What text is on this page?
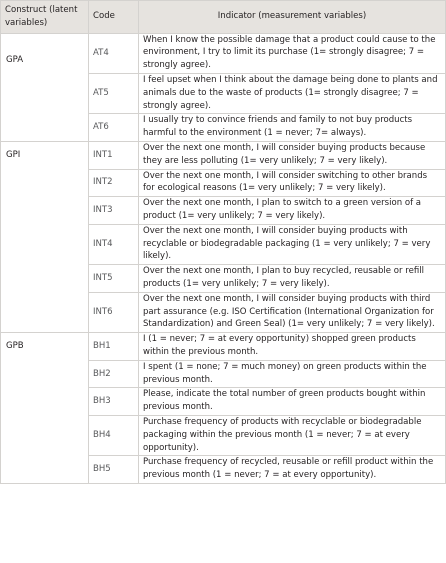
Construct (latent variables)	Code	Indicator (measurement variables)
GPA	AT4	When I know the possible damage that a product could cause to the environment, I try to limit its purchase (1= strongly disagree; 7 = strongly agree).
	AT5	I feel upset when I think about the damage being done to plants and animals due to the waste of products (1= strongly disagree; 7 = strongly agree).
	AT6	I usually try to convince friends and family to not buy products harmful to the environment (1 = never; 7= always).
GPI	INT1	Over the next one month, I will consider buying products because they are less polluting (1= very unlikely; 7 = very likely).
	INT2	Over the next one month, I will consider switching to other brands for ecological reasons (1= very unlikely; 7 = very likely).
	INT3	Over the next one month, I plan to switch to a green version of a product (1= very unlikely; 7 = very likely).
	INT4	Over the next one month, I will consider buying products with recyclable or biodegradable packaging (1 = very unlikely; 7 = very likely).
	INT5	Over the next one month, I plan to buy recycled, reusable or refill products (1= very unlikely; 7 = very likely).
	INT6	Over the next one month, I will consider buying products with third part assurance (e.g. ISO Certification (International Organization for Standardization) and Green Seal) (1= very unlikely; 7 = very likely).
GPB	BH1	I (1 = never; 7 = at every opportunity) shopped green products within the previous month.
	BH2	I spent (1 = none; 7 = much money) on green products within the previous month.
	BH3	Please, indicate the total number of green products bought within previous month.
	BH4	Purchase frequency of products with recyclable or biodegradable packaging within the previous month (1 = never; 7 = at every opportunity).
	BH5	Purchase frequency of recycled, reusable or refill product within the previous month (1 = never; 7 = at every opportunity).
